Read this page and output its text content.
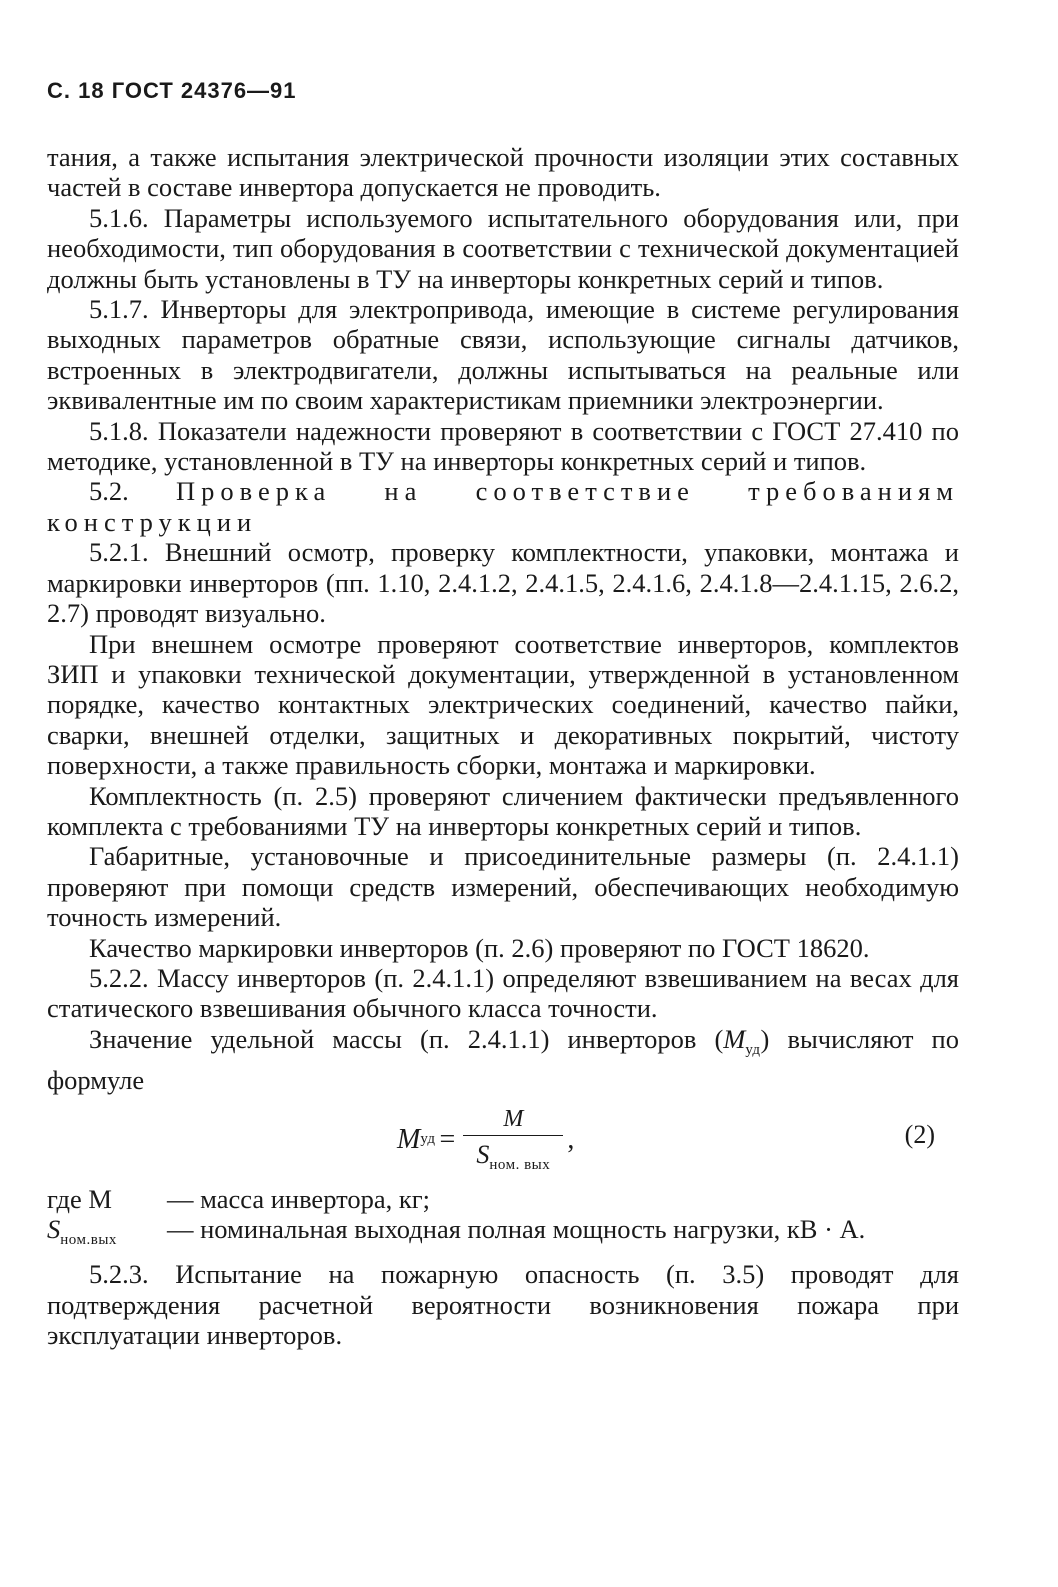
С. 18 ГОСТ 24376—91

тания, а также испытания электрической прочности изоляции этих составных частей в составе инвертора допускается не проводить.

5.1.6. Параметры используемого испытательного оборудования или, при необходимости, тип оборудования в соответствии с технической документацией должны быть установлены в ТУ на инверторы конкретных серий и типов.

5.1.7. Инверторы для электропривода, имеющие в системе регулирования выходных параметров обратные связи, использующие сигналы датчиков, встроенных в электродвигатели, должны испытываться на реальные или эквивалентные им по своим характеристикам приемники электроэнергии.

5.1.8. Показатели надежности проверяют в соответствии с ГОСТ 27.410 по методике, установленной в ТУ на инверторы конкретных серий и типов.

5.2. Проверка на соответствие требованиям конструкции

5.2.1. Внешний осмотр, проверку комплектности, упаковки, монтажа и маркировки инверторов (пп. 1.10, 2.4.1.2, 2.4.1.5, 2.4.1.6, 2.4.1.8—2.4.1.15, 2.6.2, 2.7) проводят визуально.

При внешнем осмотре проверяют соответствие инверторов, комплектов ЗИП и упаковки технической документации, утвержденной в установленном порядке, качество контактных электрических соединений, качество пайки, сварки, внешней отделки, защитных и декоративных покрытий, чистоту поверхности, а также правильность сборки, монтажа и маркировки.

Комплектность (п. 2.5) проверяют сличением фактически предъявленного комплекта с требованиями ТУ на инверторы конкретных серий и типов.

Габаритные, установочные и присоединительные размеры (п. 2.4.1.1) проверяют при помощи средств измерений, обеспечивающих необходимую точность измерений.

Качество маркировки инверторов (п. 2.6) проверяют по ГОСТ 18620.

5.2.2. Массу инверторов (п. 2.4.1.1) определяют взвешиванием на весах для статического взвешивания обычного класса точности.

Значение удельной массы (п. 2.4.1.1) инверторов $(M_{уд})$ вычисляют по формуле

M уд = $\frac{M}{S_{ном. вых}}$ ,	(2)
где M	— масса инвертора, кг;
$S_{ном.вых}$	— номинальная выходная полная мощность нагрузки, кВ · А.

5.2.3. Испытание на пожарную опасность (п. 3.5) проводят для подтверждения расчетной вероятности возникновения пожара при эксплуатации инверторов.
